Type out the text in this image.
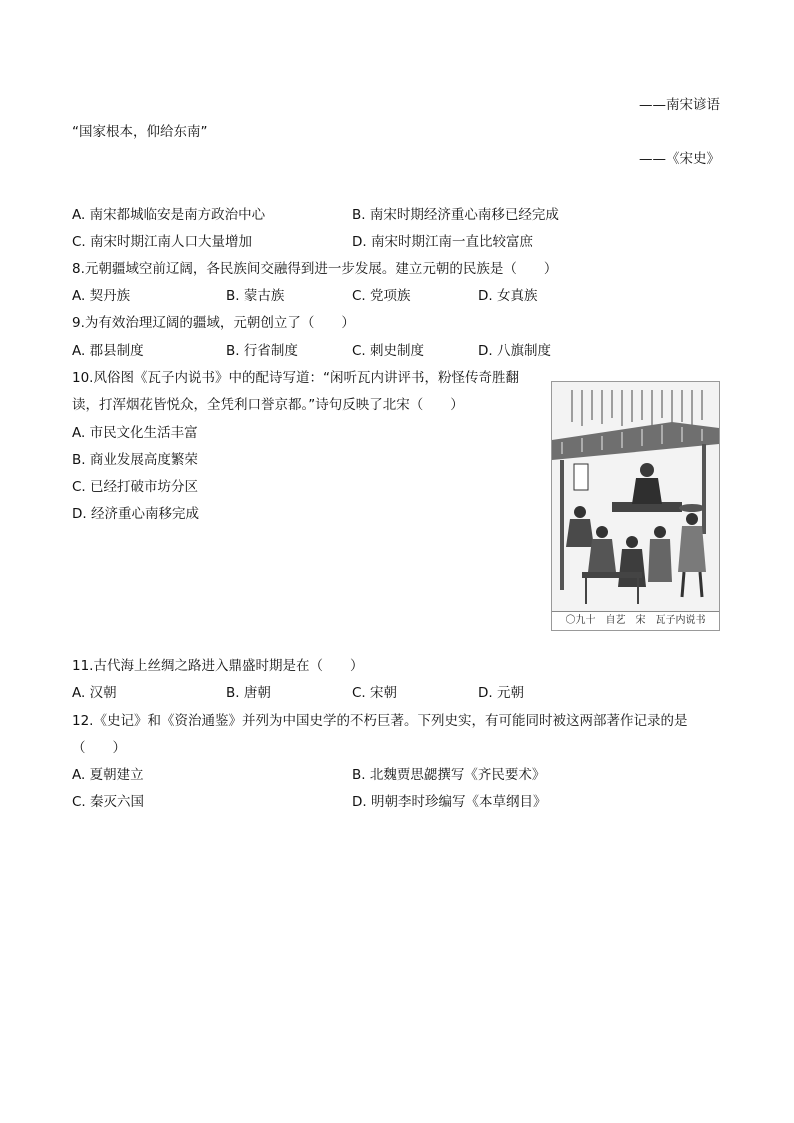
——南宋谚语
“国家根本，仰给东南”
——《宋史》
A. 南宋都城临安是南方政治中心	B. 南宋时期经济重心南移已经完成
C. 南宋时期江南人口大量增加	D. 南宋时期江南一直比较富庶
8.元朝疆域空前辽阔，各民族间交融得到进一步发展。建立元朝的民族是（　　）
A. 契丹族	B. 蒙古族	C. 党项族	D. 女真族
9.为有效治理辽阔的疆域，元朝创立了（　　）
A. 郡县制度	B. 行省制度	C. 刺史制度	D. 八旗制度
10.风俗图《瓦子内说书》中的配诗写道：“闲听瓦内讲评书，粉怪传奇胜翻
读，打浑烟花皆悦众，全凭利口誉京都。”诗句反映了北宋（　　）
A. 市民文化生活丰富
B. 商业发展高度繁荣
C. 已经打破市坊分区
D. 经济重心南移完成
〇九十　自艺　宋　瓦子内说书
11.古代海上丝绸之路进入鼎盛时期是在（　　）
A. 汉朝	B. 唐朝	C. 宋朝	D. 元朝
12.《史记》和《资治通鉴》并列为中国史学的不朽巨著。下列史实，有可能同时被这两部著作记录的是
（　　）
A. 夏朝建立	B. 北魏贾思勰撰写《齐民要术》
C. 秦灭六国	D. 明朝李时珍编写《本草纲目》
